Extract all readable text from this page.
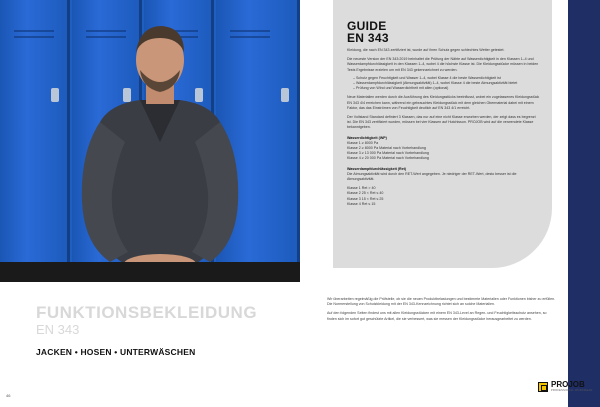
GUIDE
EN 343

Kleidung, die nach EN 343 zertifiziert ist, wurde auf ihren Schutz gegen schlechtes Wetter getestet.

Die neueste Version der EN 343:2019 beinhaltet die Prüfung der Nähte auf Wasserdichtigkeit in den Klassen 1–4 und Wasserdampfdurchlässigkeit in den Klassen 1–4, wobei 4 die höchste Klasse ist. Die Kleidungsstücke müssen in beiden Tests Ergebnisse erzielen um mit EN 343 gekennzeichnet zu werden.

– Schutz gegen Feuchtigkeit und Wasser 1–4, wobei Klasse 4 die beste Wasserdichtigkeit ist
– Wasserdampfdurchlässigkeit (Atmungsaktivität) 1–4, wobei Klasse 4 die beste Atmungsaktivität bietet
– Prüfung von Wind und Wasserdichtheit mit allen (optional)

Neue Materialien werden durch die Ausführung des Kleidungsstücks beeinflusst, wobei ein zugelassenes Kleidungsstück EN 343 4/4 erreichen kann, während ein gebrauchtes Kleidungsstück mit dem gleichen Obermaterial dabei mit einem Faktor, das das Einströmen von Feuchtigkeit deutlich auf EN 343 4/1 erreicht.

Der Vollstand Standard definiert 3 Klassen, das nur auf eine nicht Klasse erworben werden, der zeigt dass es begrenzt ist. Die EN 343 zertifiziert wurden, müssen bei vier Klassen auf Hutchisson. PROJOB wird auf die verwendete Klasse bekanntgeben.

Wasserdichtigkeit (WP)

Klasse 1 ≥ 8000 Pa

Klasse 2 ≥ 8000 Pa Material nach Vorbehandlung

Klasse 3 ≥ 13 000 Pa Material nach Vorbehandlung

Klasse 4 ≥ 20 000 Pa Material nach Vorbehandlung

Wasserdampfdurchlässigkeit (Ret)

Die Atmungsaktivität wird durch den RET-Wert angegeben. Je niedriger der RET-Wert, desto besser ist die Atmungsaktivität.

Klasse 1 Ret > 40

Klasse 2 25 < Ret ≤ 40

Klasse 3 15 < Ret ≤ 25

Klasse 4 Ret ≤ 15

FUNKTIONSBEKLEIDUNG
EN 343
JACKEN • HOSEN • UNTERWÄSCHEN

Wir überarbeiten regelmäßig die Prüfstelle, ob sie die neuen Produktbelastungen und bestimmte Materialien oder Funktionen bisher zu erfüllen. Die Normerstellung von Schutzkleidung mit der EN 343-Kennzeichnung richtet sich an solche Materialien.

Auf den folgenden Seiten findest uns mit allen Kleidungsstücken mit einem EN 343-Level an Regen- und Feuchtigkeitsschutz ansehen, so finden sich im sofort gut geschützte Artikel, die sie verbessert, was sie messen der Kleidungsstücke herausgearbeitet zu werden.

46
PROJOB
PROFESSIONAL WORKWEAR
